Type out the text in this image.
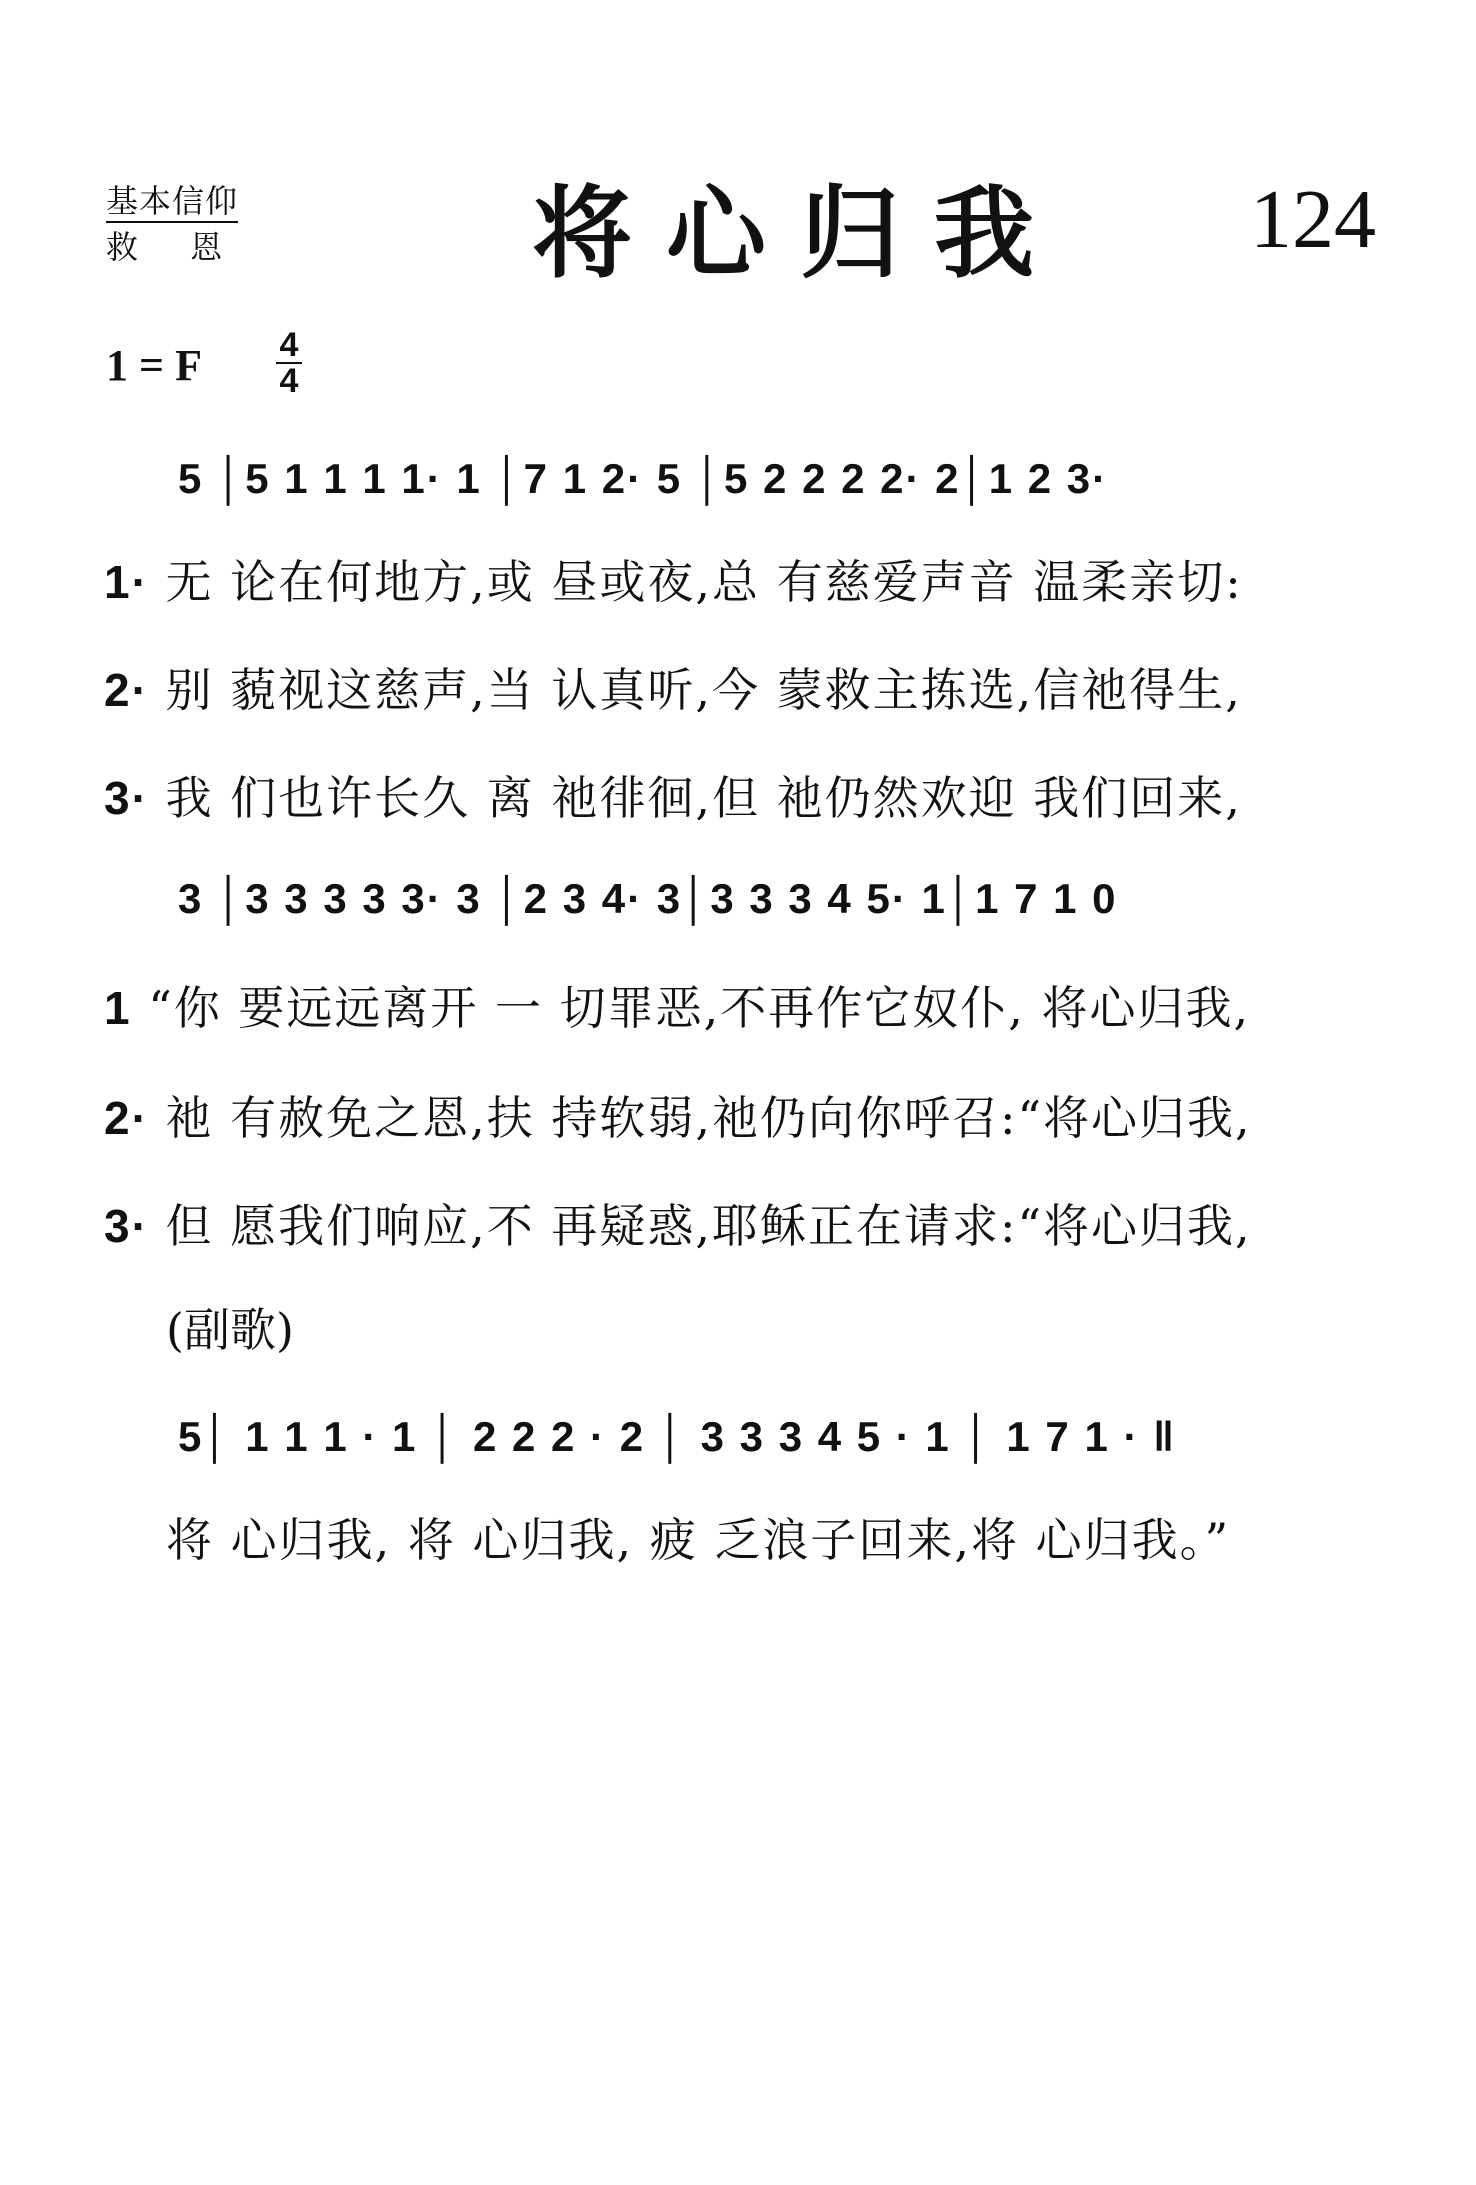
基本信仰
救 恩	将心归我 124
1 = F 4
4
5 │5 1 1 1 1· 1 │7 1 2· 5 │5 2 2 2 2· 2│1 2 3·
1· 无 论在何地方,或 昼或夜,总 有慈爱声音 温柔亲切:
2· 别 藐视这慈声,当 认真听,今 蒙救主拣选,信祂得生,
3· 我 们也许长久 离 祂徘徊,但 祂仍然欢迎 我们回来,
3 │3 3 3 3 3· 3 │2 3 4· 3│3 3 3 4 5· 1│1 7 1 0
1 “你 要远远离开 一 切罪恶,不再作它奴仆, 将心归我,
2· 祂 有赦免之恩,扶 持软弱,祂仍向你呼召:“将心归我,
3· 但 愿我们响应,不 再疑惑,耶稣正在请求:“将心归我,
(副歌)
5│ 1 1 1 · 1 │ 2 2 2 · 2 │ 3 3 3 4 5 · 1 │ 1 7 1 · ‖
将 心归我, 将 心归我, 疲 乏浪子回来,将 心归我。”
